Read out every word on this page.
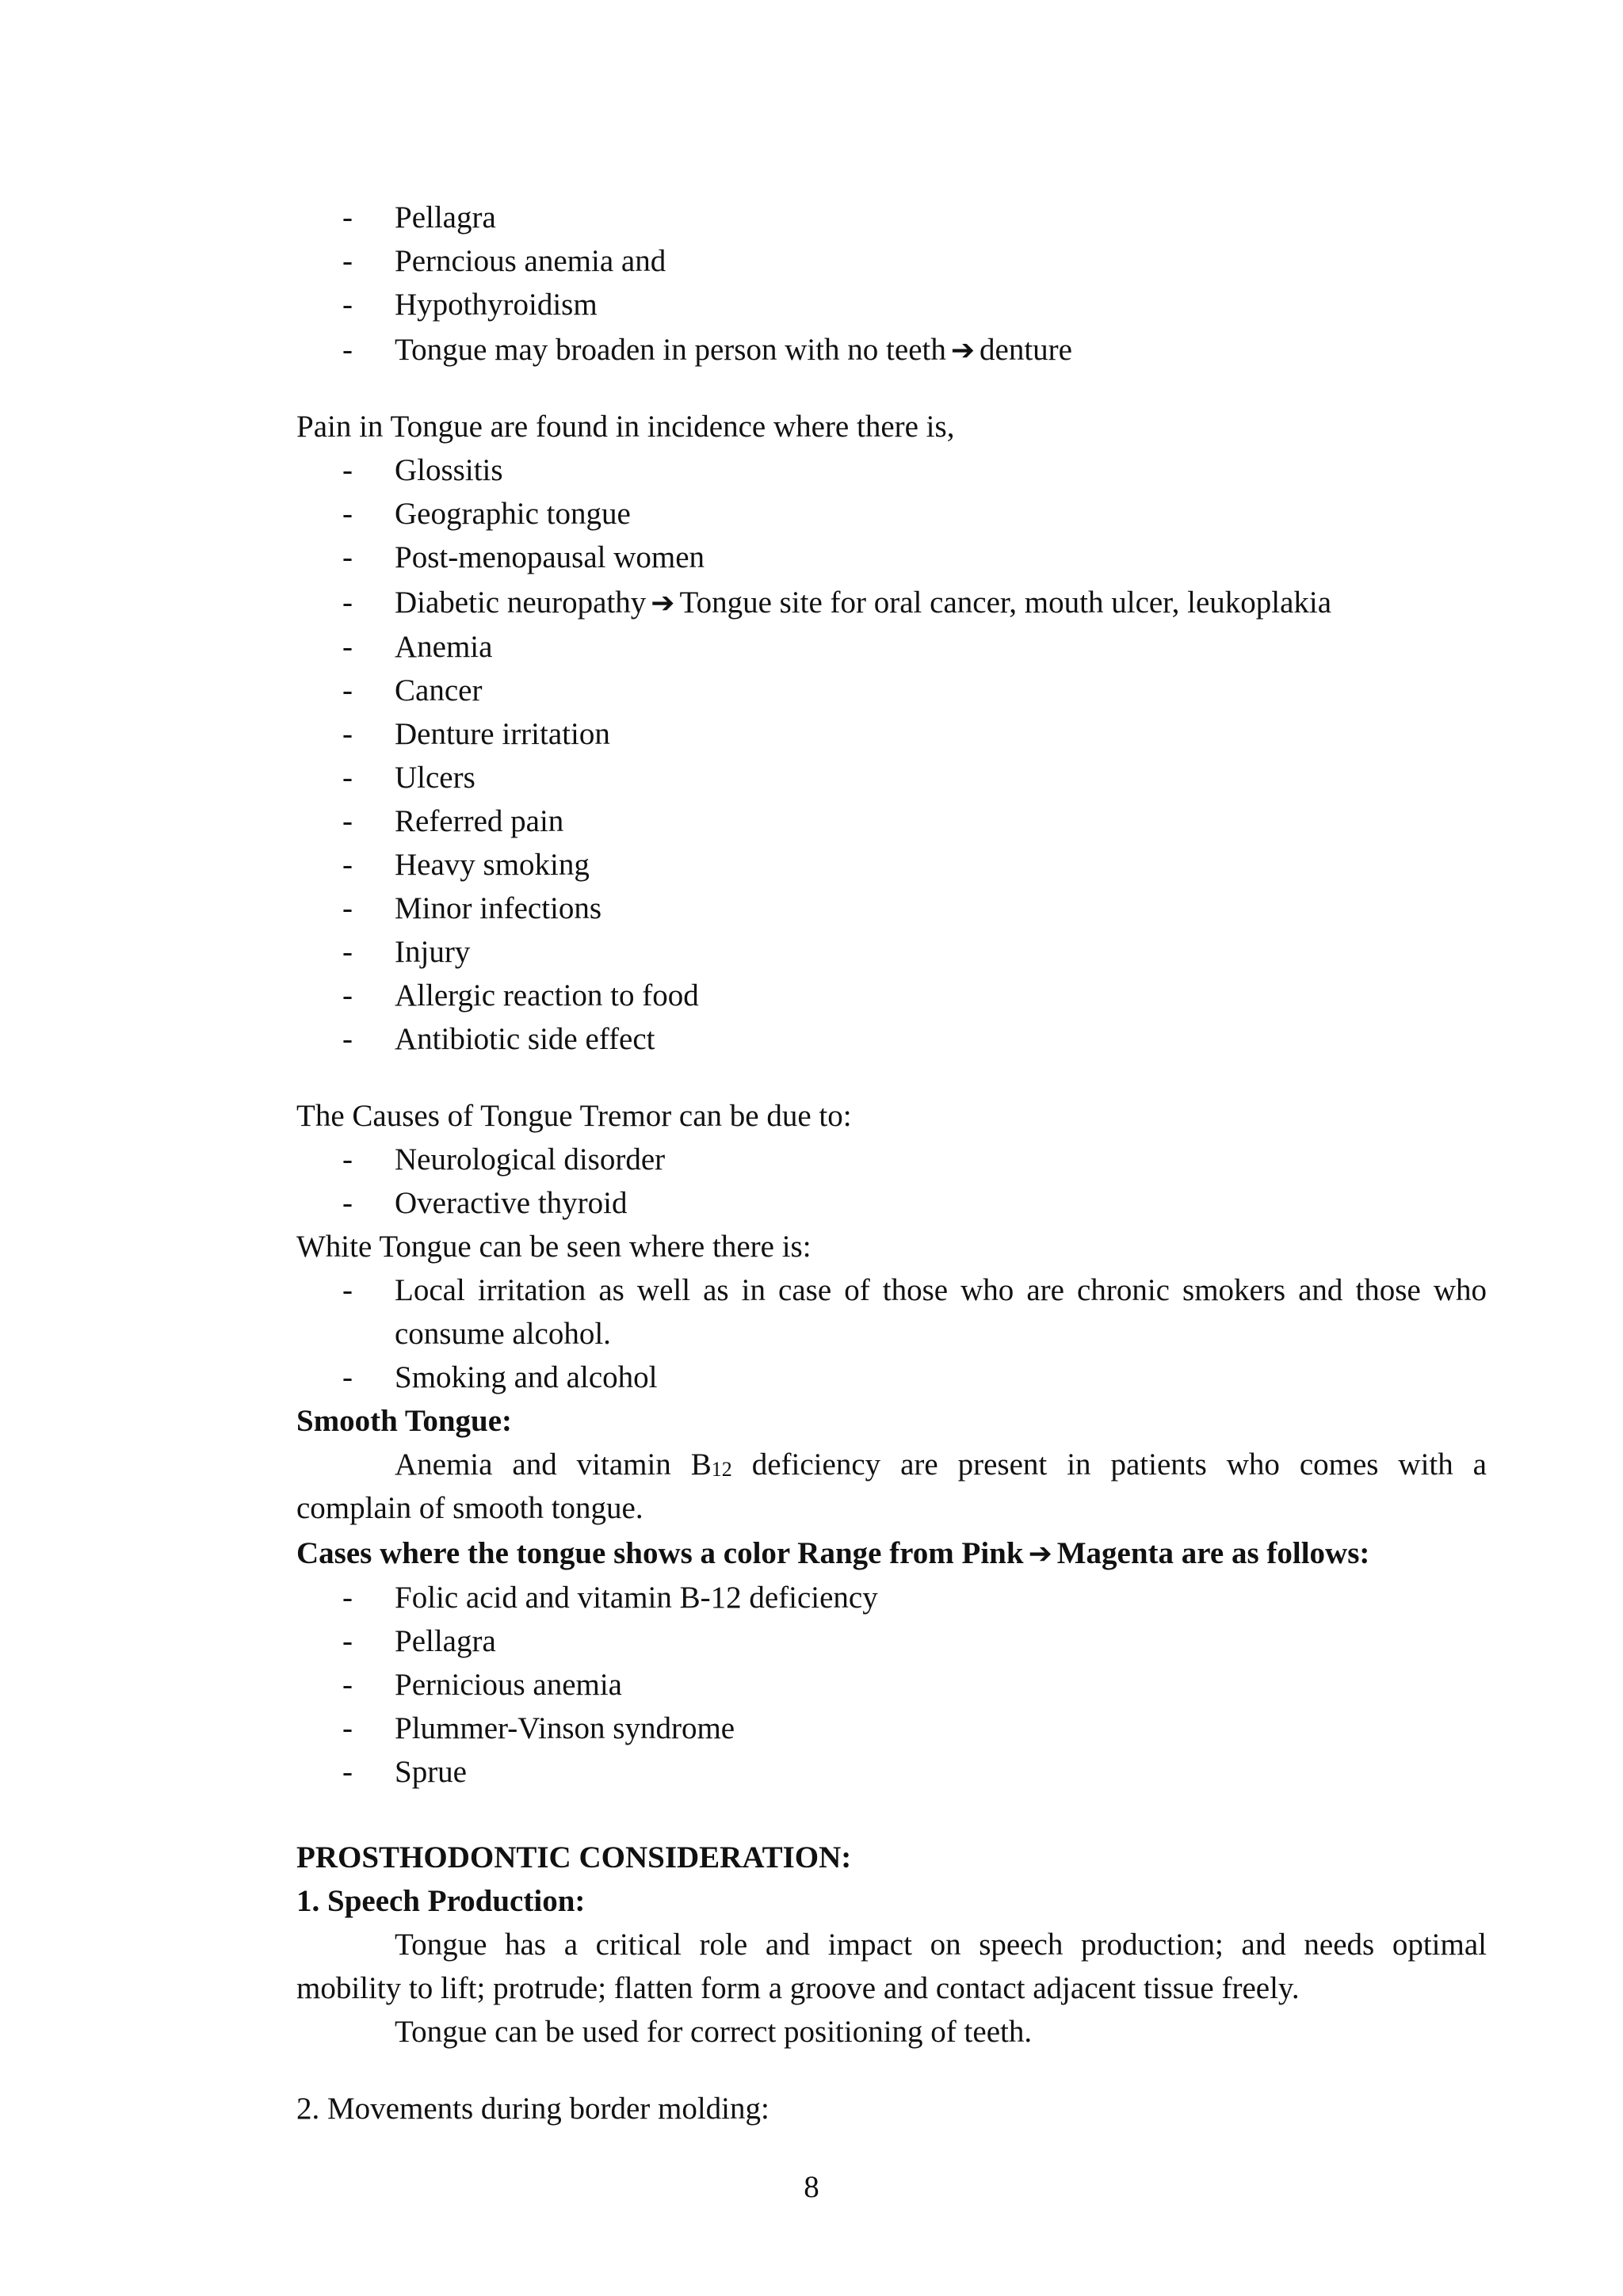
- Pellagra
- Perncious anemia and
- Hypothyroidism
- Tongue may broaden in person with no teeth ➔ denture
Pain in Tongue are found in incidence where there is,
- Glossitis
- Geographic tongue
- Post-menopausal women
- Diabetic neuropathy ➔ Tongue site for oral cancer, mouth ulcer, leukoplakia
- Anemia
- Cancer
- Denture irritation
- Ulcers
- Referred pain
- Heavy smoking
- Minor infections
- Injury
- Allergic reaction to food
- Antibiotic side effect
The Causes of Tongue Tremor can be due to:
- Neurological disorder
- Overactive thyroid
White Tongue can be seen where there is:
- Local irritation as well as in case of those who are chronic smokers and those who
consume alcohol.
- Smoking and alcohol
Smooth Tongue:
Anemia and vitamin $B_{12}$ deficiency are present in patients who comes with a
complain of smooth tongue.
Cases where the tongue shows a color Range from Pink ➔ Magenta are as follows:
- Folic acid and vitamin B-12 deficiency
- Pellagra
- Pernicious anemia
- Plummer-Vinson syndrome
- Sprue
PROSTHODONTIC CONSIDERATION:
1. Speech Production:
Tongue has a critical role and impact on speech production; and needs optimal
mobility to lift; protrude; flatten form a groove and contact adjacent tissue freely.
Tongue can be used for correct positioning of teeth.
2. Movements during border molding:
8
